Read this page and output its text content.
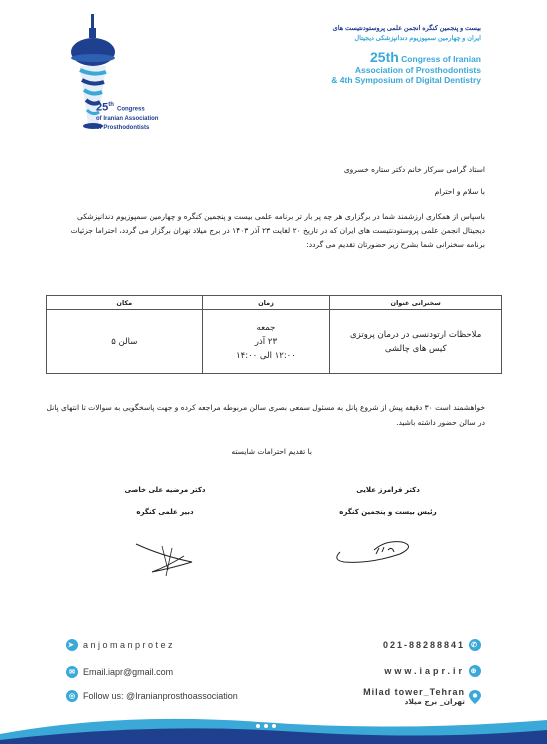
25th Congress
of Iranian Association
of Prosthodontists
بیست و پنجمین کنگره انجمن علمی پروستودنتیست های
ایران و چهارمین سمپوزیوم دندانپزشکی دیجیتال
25th Congress of Iranian
Association of Prosthodontists
& 4th Symposium of Digital Dentistry
استاد گرامی سرکار خانم دکتر ستاره خسروی
با سلام و احترام
باسپاس از همکاری ارزشمند شما در برگزاری هر چه پر بار تر برنامه علمی بیست و پنجمین کنگره و چهارمین سمپوزیوم دندانپزشکی دیجیتال انجمن علمی پروستودنتیست های ایران که در تاریخ ۲۰ لغایت ۲۳ آذر ۱۴۰۳ در برج میلاد تهران برگزار می گردد، احتراما جزئیات برنامه سخنرانی شما بشرح زیر حضورتان تقدیم می گردد:
سخنرانی عنوان	زمان	مکان
ملاحظات ارتودنسی در درمان پروتزی کیس های چالشی	جمعه
۲۳ آذر
۱۲:۰۰ الی ۱۴:۰۰	سالن ۵
خواهشمند است ۳۰ دقیقه پیش از شروع پانل به مسئول سمعی بصری سالن مربوطه مراجعه کرده و جهت پاسخگویی به سوالات تا انتهای پانل در سالن حضور داشته باشید.
با تقدیم احترامات شایسته
دکتر فرامرز علایی
رئیس بیست و پنجمین کنگره
دکتر مرضیه علی خاصی
دبیر علمی کنگره
➤ anjomanprotez
✉ Email.iapr@gmail.com
◎ Follow us: @Iranianprosthoassociation
021-88288841 ✆
www.iapr.ir ⊕
Milad tower_Tehran
تهران_ برج میلاد
